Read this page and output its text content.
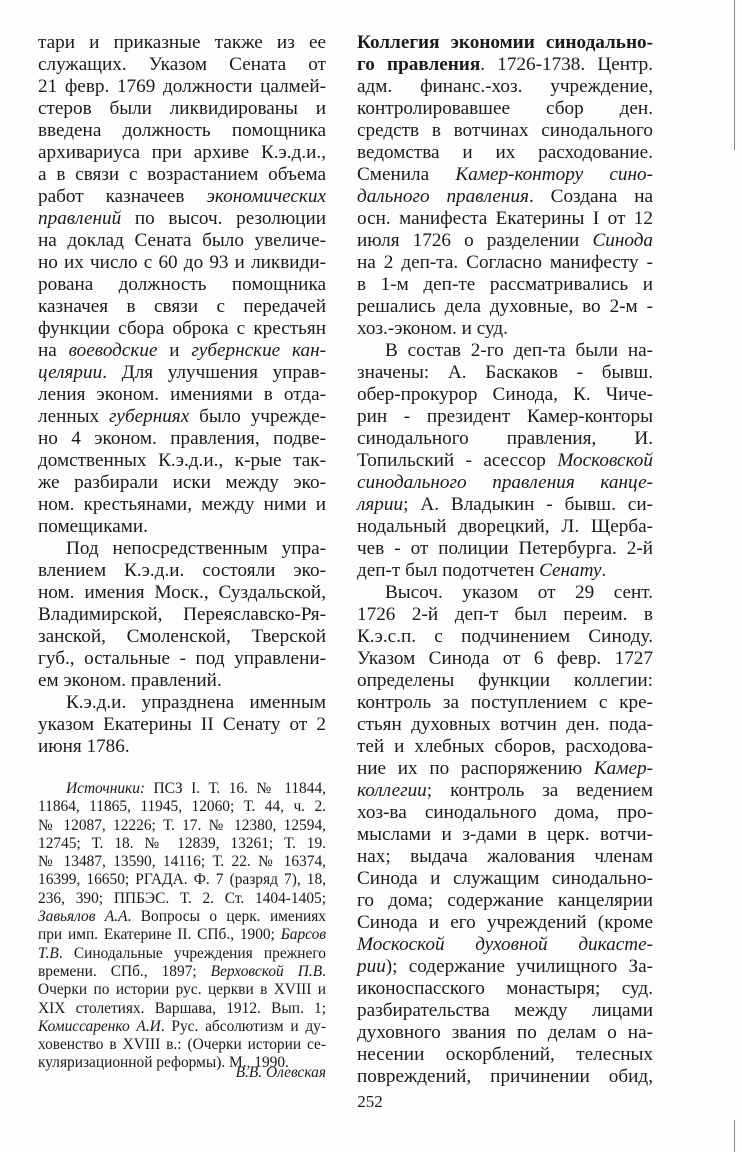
тари и приказные также из ее
служащих. Указом Сената от
21 февр. 1769 должности цалмей-
стеров были ликвидированы и
введена должность помощника
архивариуса при архиве К.э.д.и.,
а в связи с возрастанием объема
работ казначеев экономических
правлений по высоч. резолюции
на доклад Сената было увеличе-
но их число с 60 до 93 и ликвиди-
рована должность помощника
казначея в связи с передачей
функции сбора оброка с крестьян
на воеводские и губернские кан-
целярии. Для улучшения управ-
ления эконом. имениями в отда-
ленных губерниях было учрежде-
но 4 эконом. правления, подве-
домственных К.э.д.и., к-рые так-
же разбирали иски между эко-
ном. крестьянами, между ними и
помещиками.
Под непосредственным упра-
влением К.э.д.и. состояли эко-
ном. имения Моск., Суздальской,
Владимирской, Переяславско-Ря-
занской, Смоленской, Тверской
губ., остальные - под управлени-
ем эконом. правлений.
К.э.д.и. упразднена именным
указом Екатерины II Сенату от 2
июня 1786.
Источники: ПСЗ I. Т. 16. № 11844,
11864, 11865, 11945, 12060; Т. 44, ч. 2.
№ 12087, 12226; Т. 17. № 12380, 12594,
12745; Т. 18. № 12839, 13261; Т. 19.
№ 13487, 13590, 14116; Т. 22. № 16374,
16399, 16650; РГАДА. Ф. 7 (разряд 7), 18,
236, 390; ППБЭС. Т. 2. Ст. 1404-1405;
Завьялов А.А. Вопросы о церк. имениях
при имп. Екатерине II. СПб., 1900; Барсов
Т.В. Синодальные учреждения прежнего
времени. СПб., 1897; Верховской П.В.
Очерки по истории рус. церкви в XVIII и
XIX столетиях. Варшава, 1912. Вып. 1;
Комиссаренко А.И. Рус. абсолютизм и ду-
ховенство в XVIII в.: (Очерки истории се-
куляризационной реформы). М., 1990.
В.В. Олевская
Коллегия экономии синодально-
го правления. 1726-1738. Центр.
адм. финанс.-хоз. учреждение,
контролировавшее сбор ден.
средств в вотчинах синодального
ведомства и их расходование.
Сменила Камер-контору сино-
дального правления. Создана на
осн. манифеста Екатерины I от 12
июля 1726 о разделении Синода
на 2 деп-та. Согласно манифесту -
в 1-м деп-те рассматривались и
решались дела духовные, во 2-м -
хоз.-эконом. и суд.
В состав 2-го деп-та были на-
значены: А. Баскаков - бывш.
обер-прокурор Синода, К. Чиче-
рин - президент Камер-конторы
синодального правления, И.
Топильский - асессор Московской
синодального правления канце-
лярии; А. Владыкин - бывш. си-
нодальный дворецкий, Л. Щерба-
чев - от полиции Петербурга. 2-й
деп-т был подотчетен Сенату.
Высоч. указом от 29 сент.
1726 2-й деп-т был переим. в
К.э.с.п. с подчинением Синоду.
Указом Синода от 6 февр. 1727
определены функции коллегии:
контроль за поступлением с кре-
стьян духовных вотчин ден. пода-
тей и хлебных сборов, расходова-
ние их по распоряжению Камер-
коллегии; контроль за ведением
хоз-ва синодального дома, про-
мыслами и з-дами в церк. вотчи-
нах; выдача жалования членам
Синода и служащим синодально-
го дома; содержание канцелярии
Синода и его учреждений (кроме
Москоской духовной дикасте-
рии); содержание училищного За-
иконоспасского монастыря; суд.
разбирательства между лицами
духовного звания по делам о на-
несении оскорблений, телесных
повреждений, причинении обид,
252
